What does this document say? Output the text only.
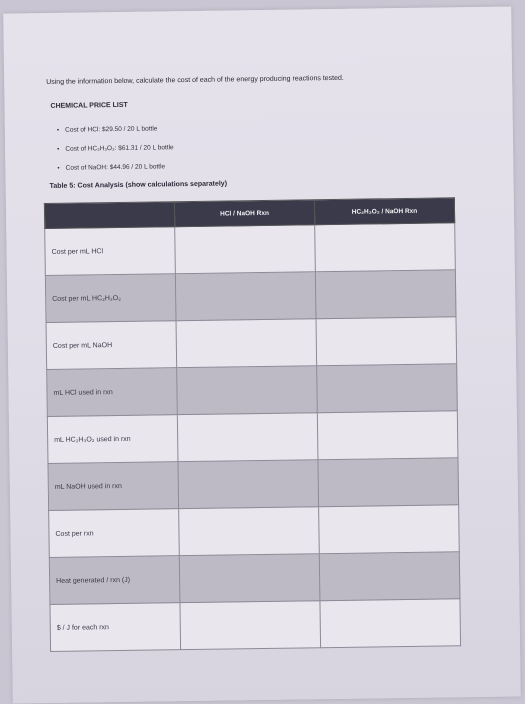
Using the information below, calculate the cost of each of the energy producing reactions tested.
CHEMICAL PRICE LIST
• Cost of HCl: $29.50 / 20 L bottle
• Cost of HC₂H₃O₂: $61.31 / 20 L bottle
• Cost of NaOH: $44.96 / 20 L bottle
Table 5: Cost Analysis (show calculations separately)
	HCl / NaOH Rxn	HC₂H₃O₂ / NaOH Rxn
Cost per mL HCl		
Cost per mL HC₂H₃O₂		
Cost per mL NaOH		
mL HCl used in rxn		
mL HC₂H₃O₂ used in rxn		
mL NaOH used in rxn		
Cost per rxn		
Heat generated / rxn (J)		
$ / J for each rxn		
